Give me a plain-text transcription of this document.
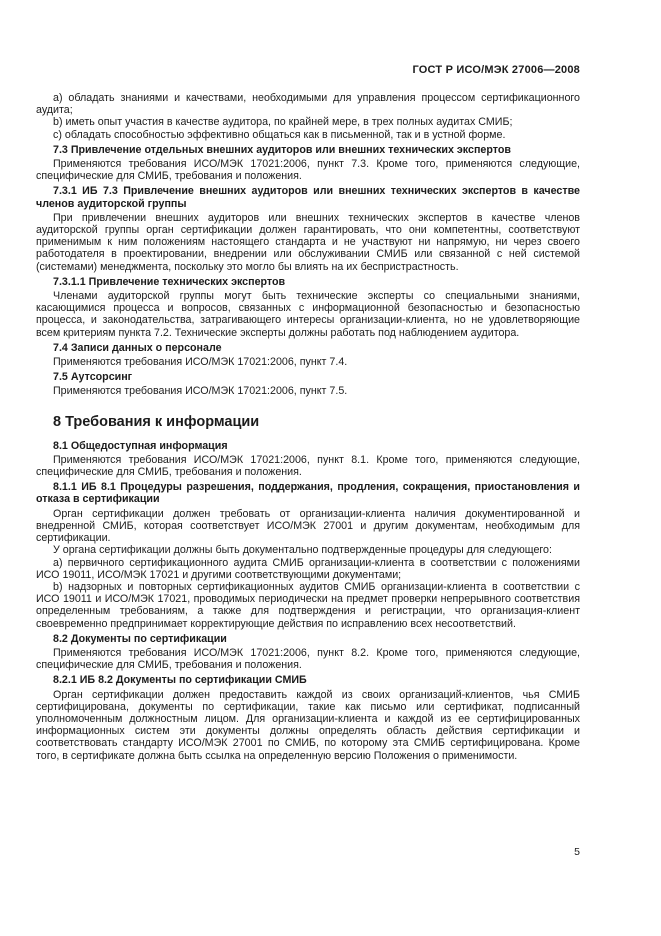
ГОСТ Р ИСО/МЭК 27006—2008

a) обладать знаниями и качествами, необходимыми для управления процессом сертификационного аудита;

b) иметь опыт участия в качестве аудитора, по крайней мере, в трех полных аудитах СМИБ;

c) обладать способностью эффективно общаться как в письменной, так и в устной форме.

7.3 Привлечение отдельных внешних аудиторов или внешних технических экспертов

Применяются требования ИСО/МЭК 17021:2006, пункт 7.3. Кроме того, применяются следующие, специфические для СМИБ, требования и положения.

7.3.1 ИБ 7.3 Привлечение внешних аудиторов или внешних технических экспертов в качестве членов аудиторской группы

При привлечении внешних аудиторов или внешних технических экспертов в качестве членов аудиторской группы орган сертификации должен гарантировать, что они компетентны, соответствуют применимым к ним положениям настоящего стандарта и не участвуют ни напрямую, ни через своего работодателя в проектировании, внедрении или обслуживании СМИБ или связанной с ней системой (системами) менеджмента, поскольку это могло бы влиять на их беспристрастность.

7.3.1.1 Привлечение технических экспертов

Членами аудиторской группы могут быть технические эксперты со специальными знаниями, касающимися процесса и вопросов, связанных с информационной безопасностью и безопасностью процесса, и законодательства, затрагивающего интересы организации-клиента, но не удовлетворяющие всем критериям пункта 7.2. Технические эксперты должны работать под наблюдением аудитора.

7.4 Записи данных о персонале

Применяются требования ИСО/МЭК 17021:2006, пункт 7.4.

7.5 Аутсорсинг

Применяются требования ИСО/МЭК 17021:2006, пункт 7.5.

8 Требования к информации

8.1 Общедоступная информация

Применяются требования ИСО/МЭК 17021:2006, пункт 8.1. Кроме того, применяются следующие, специфические для СМИБ, требования и положения.

8.1.1 ИБ 8.1 Процедуры разрешения, поддержания, продления, сокращения, приостановления и отказа в сертификации

Орган сертификации должен требовать от организации-клиента наличия документированной и внедренной СМИБ, которая соответствует ИСО/МЭК 27001 и другим документам, необходимым для сертификации.

У органа сертификации должны быть документально подтвержденные процедуры для следующего:

a) первичного сертификационного аудита СМИБ организации-клиента в соответствии с положениями ИСО 19011, ИСО/МЭК 17021 и другими соответствующими документами;

b) надзорных и повторных сертификационных аудитов СМИБ организации-клиента в соответствии с ИСО 19011 и ИСО/МЭК 17021, проводимых периодически на предмет проверки непрерывного соответствия определенным требованиям, а также для подтверждения и регистрации, что организация-клиент своевременно предпринимает корректирующие действия по исправлению всех несоответствий.

8.2 Документы по сертификации

Применяются требования ИСО/МЭК 17021:2006, пункт 8.2. Кроме того, применяются следующие, специфические для СМИБ, требования и положения.

8.2.1 ИБ 8.2 Документы по сертификации СМИБ

Орган сертификации должен предоставить каждой из своих организаций-клиентов, чья СМИБ сертифицирована, документы по сертификации, такие как письмо или сертификат, подписанный уполномоченным должностным лицом. Для организации-клиента и каждой из ее сертифицированных информационных систем эти документы должны определять область действия сертификации и соответствовать стандарту ИСО/МЭК 27001 по СМИБ, по которому эта СМИБ сертифицирована. Кроме того, в сертификате должна быть ссылка на определенную версию Положения о применимости.

5
